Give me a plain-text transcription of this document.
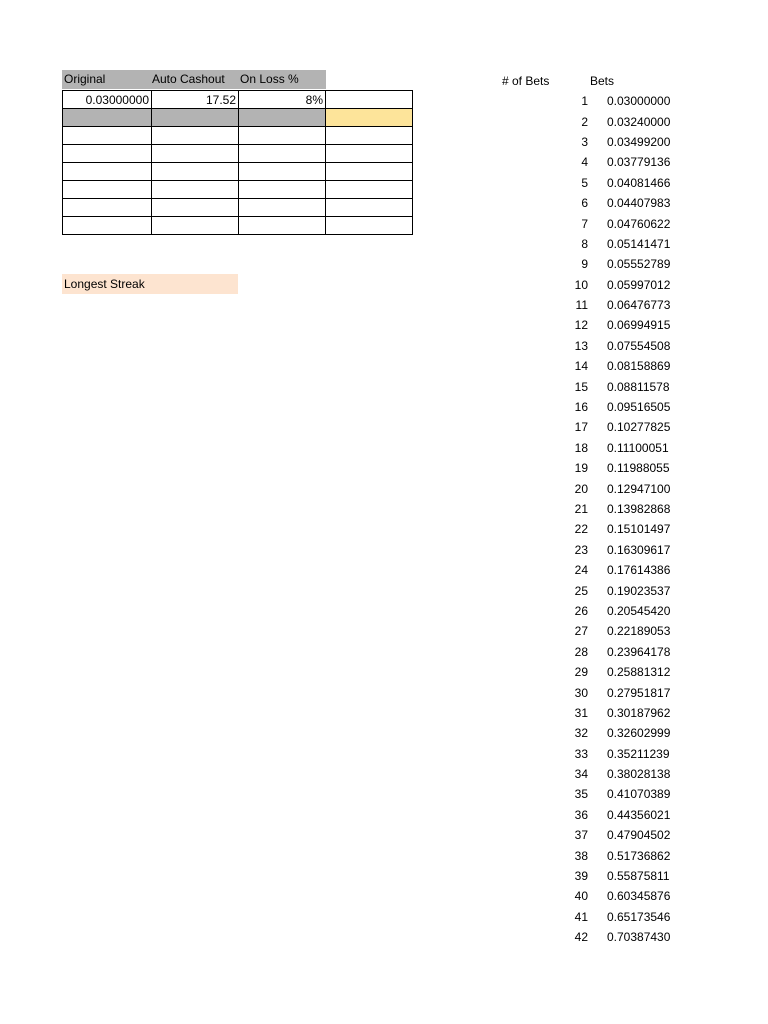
Original	Auto Cashout	On Loss %
0.03000000	17.52	8%	

Longest Streak
# of Bets	Bets
1	0.03000000
2	0.03240000
3	0.03499200
4	0.03779136
5	0.04081466
6	0.04407983
7	0.04760622
8	0.05141471
9	0.05552789
10	0.05997012
11	0.06476773
12	0.06994915
13	0.07554508
14	0.08158869
15	0.08811578
16	0.09516505
17	0.10277825
18	0.11100051
19	0.11988055
20	0.12947100
21	0.13982868
22	0.15101497
23	0.16309617
24	0.17614386
25	0.19023537
26	0.20545420
27	0.22189053
28	0.23964178
29	0.25881312
30	0.27951817
31	0.30187962
32	0.32602999
33	0.35211239
34	0.38028138
35	0.41070389
36	0.44356021
37	0.47904502
38	0.51736862
39	0.55875811
40	0.60345876
41	0.65173546
42	0.70387430
